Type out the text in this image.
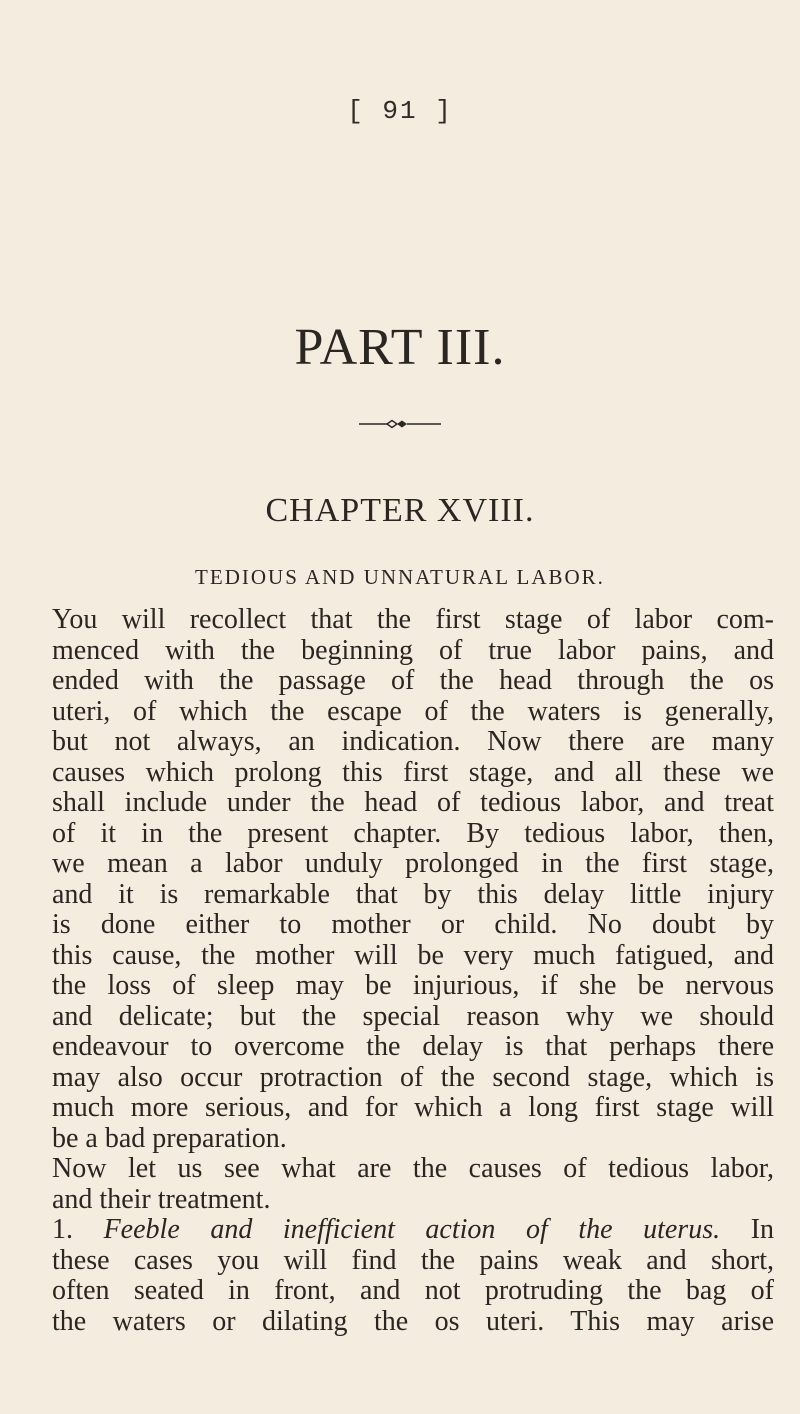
[ 91 ]
PART III.
CHAPTER XVIII.
TEDIOUS AND UNNATURAL LABOR.
You will recollect that the first stage of labor com-
menced with the beginning of true labor pains, and
ended with the passage of the head through the os
uteri, of which the escape of the waters is generally,
but not always, an indication. Now there are many
causes which prolong this first stage, and all these we
shall include under the head of tedious labor, and treat
of it in the present chapter. By tedious labor, then,
we mean a labor unduly prolonged in the first stage,
and it is remarkable that by this delay little injury
is done either to mother or child. No doubt by
this cause, the mother will be very much fatigued, and
the loss of sleep may be injurious, if she be nervous
and delicate; but the special reason why we should
endeavour to overcome the delay is that perhaps there
may also occur protraction of the second stage, which is
much more serious, and for which a long first stage will
be a bad preparation.
Now let us see what are the causes of tedious labor,
and their treatment.
1. Feeble and inefficient action of the uterus. In
these cases you will find the pains weak and short,
often seated in front, and not protruding the bag of
the waters or dilating the os uteri. This may arise
